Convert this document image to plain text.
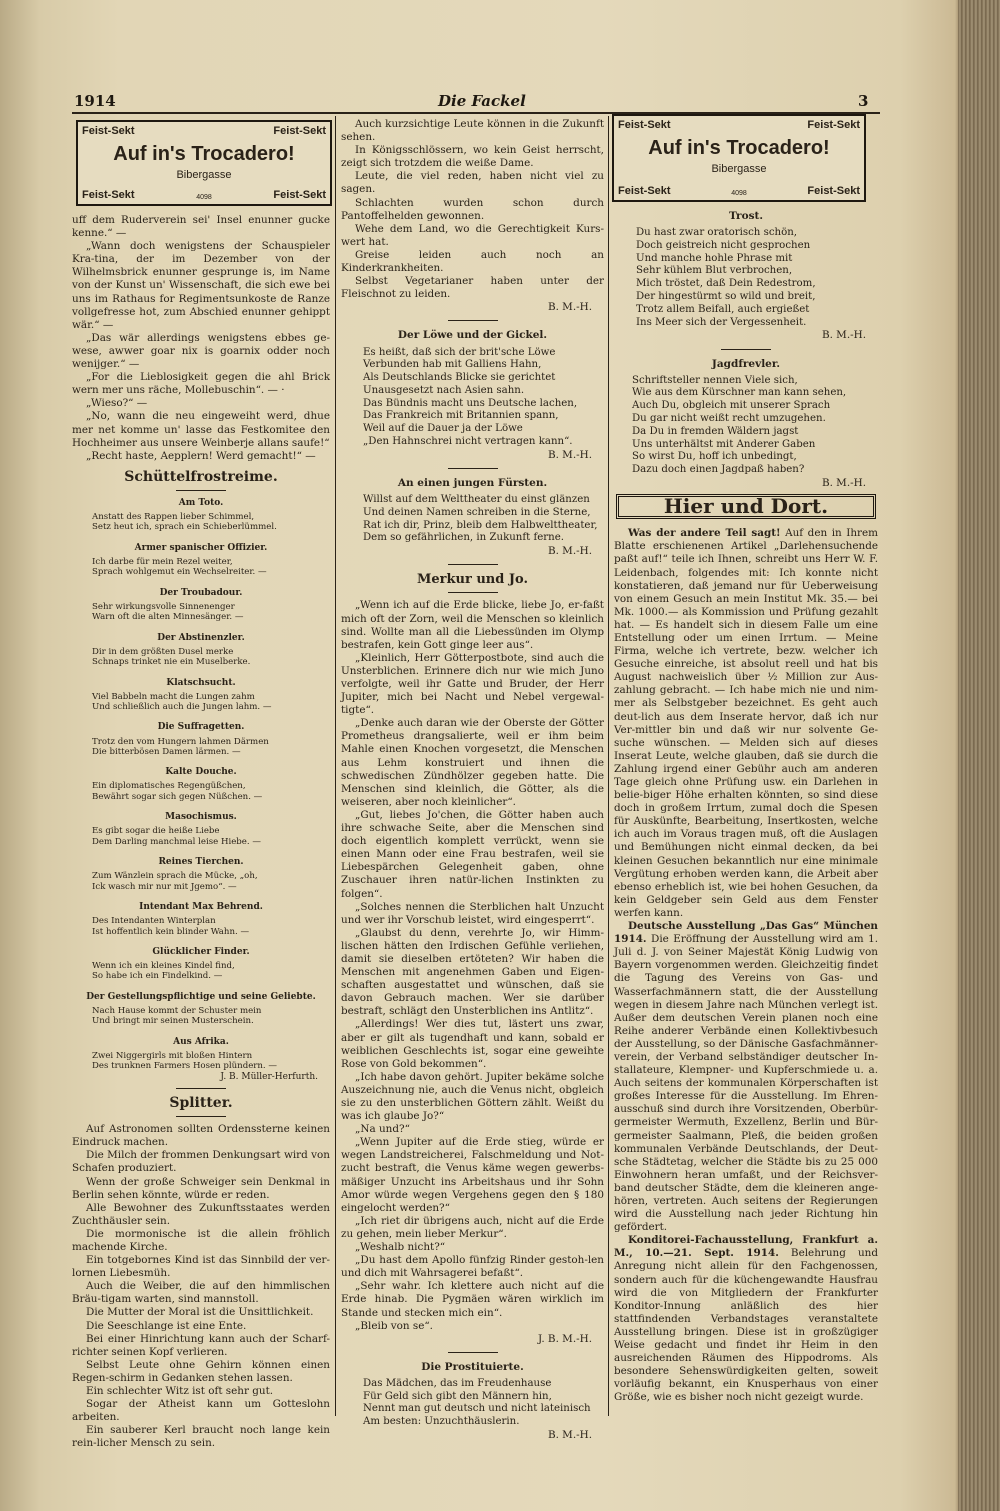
1914	Die Fackel	3
Feist-Sekt	Feist-Sekt
Auf in's Trocadero!
Bibergasse
4098
Feist-Sekt	Feist-Sekt
Feist-Sekt	Feist-Sekt
Auf in's Trocadero!
Bibergasse
4098
Feist-Sekt	Feist-Sekt

uff dem Ruderverein sei' Insel enunner gucke kenne.“ —

„Wann doch wenigstens der Schauspieler Kra-tina, der im Dezember von der Wilhelmsbrick enunner gesprunge is, im Name von der Kunst un' Wissenschaft, die sich ewe bei uns im Rathaus for Regimentsunkoste de Ranze vollgefresse hot, zum Abschied enunner gehippt wär.“ —

„Das wär allerdings wenigstens ebbes ge-wese, awwer goar nix is goarnix odder noch wenijger.“ —

„For die Lieblosigkeit gegen die ahl Brick wern mer uns räche, Mollebuschin“. — ·

„Wieso?“ —

„No, wann die neu eingeweiht werd, dhue mer net komme un' lasse das Festkomitee den Hochheimer aus unsere Weinberje allans saufe!“

„Recht haste, Aepplern! Werd gemacht!“ —

Schüttelfrostreime.
Am Toto.
Anstatt des Rappen lieber Schimmel,
Setz heut ich, sprach ein Schieberlümmel.
Armer spanischer Offizier.
Ich darbe für mein Rezel weiter,
Sprach wohlgemut ein Wechselreiter. —
Der Troubadour.
Sehr wirkungsvolle Sinnenenger
Warn oft die alten Minnesänger. —
Der Abstinenzler.
Dir in dem größten Dusel merke
Schnaps trinket nie ein Muselberke.
Klatschsucht.
Viel Babbeln macht die Lungen zahm
Und schließlich auch die Jungen lahm. —
Die Suffragetten.
Trotz den vom Hungern lahmen Därmen
Die bitterbösen Damen lärmen. —
Kalte Douche.
Ein diplomatisches Regengüßchen,
Bewährt sogar sich gegen Nüßchen. —
Masochismus.
Es gibt sogar die heiße Liebe
Dem Darling manchmal leise Hiebe. —
Reines Tierchen.
Zum Wänzlein sprach die Mücke, „oh,
Ick wasch mir nur mit Jgemo“. —
Intendant Max Behrend.
Des Intendanten Winterplan
Ist hoffentlich kein blinder Wahn. —
Glücklicher Finder.
Wenn ich ein kleines Kindel find,
So habe ich ein Findelkind. —
Der Gestellungspflichtige und seine Geliebte.
Nach Hause kommt der Schuster mein
Und bringt mir seinen Musterschein.
Aus Afrika.
Zwei Niggergirls mit bloßen Hintern
Des trunknen Farmers Hosen plündern. —
J. B. Müller-Herfurth.
Splitter.

Auf Astronomen sollten Ordenssterne keinen Eindruck machen.

Die Milch der frommen Denkungsart wird von Schafen produziert.

Wenn der große Schweiger sein Denkmal in Berlin sehen könnte, würde er reden.

Alle Bewohner des Zukunftsstaates werden Zuchthäusler sein.

Die mormonische ist die allein fröhlich machende Kirche.

Ein totgebornes Kind ist das Sinnbild der ver-lornen Liebesmüh.

Auch die Weiber, die auf den himmlischen Bräu-tigam warten, sind mannstoll.

Die Mutter der Moral ist die Unsittlichkeit.

Die Seeschlange ist eine Ente.

Bei einer Hinrichtung kann auch der Scharf-richter seinen Kopf verlieren.

Selbst Leute ohne Gehirn können einen Regen-schirm in Gedanken stehen lassen.

Ein schlechter Witz ist oft sehr gut.

Sogar der Atheist kann um Gotteslohn arbeiten.

Ein sauberer Kerl braucht noch lange kein rein-licher Mensch zu sein.

Auch kurzsichtige Leute können in die Zukunft sehen.

In Königsschlössern, wo kein Geist herrscht, zeigt sich trotzdem die weiße Dame.

Leute, die viel reden, haben nicht viel zu sagen.

Schlachten wurden schon durch Pantoffelhelden gewonnen.

Wehe dem Land, wo die Gerechtigkeit Kurs-wert hat.

Greise leiden auch noch an Kinderkrankheiten.

Selbst Vegetarianer haben unter der Fleischnot zu leiden.

B. M.-H.
Der Löwe und der Gickel.
Es heißt, daß sich der brit'sche Löwe
Verbunden hab mit Galliens Hahn,
Als Deutschlands Blicke sie gerichtet
Unausgesetzt nach Asien sahn.
Das Bündnis macht uns Deutsche lachen,
Das Frankreich mit Britannien spann,
Weil auf die Dauer ja der Löwe
„Den Hahnschrei nicht vertragen kann“.
B. M.-H.
An einen jungen Fürsten.
Willst auf dem Welttheater du einst glänzen
Und deinen Namen schreiben in die Sterne,
Rat ich dir, Prinz, bleib dem Halbwelttheater,
Dem so gefährlichen, in Zukunft ferne.
B. M.-H.
Merkur und Jo.

„Wenn ich auf die Erde blicke, liebe Jo, er-faßt mich oft der Zorn, weil die Menschen so kleinlich sind. Wollte man all die Liebessünden im Olymp bestrafen, kein Gott ginge leer aus“.

„Kleinlich, Herr Götterpostbote, sind auch die Unsterblichen. Erinnere dich nur wie mich Juno verfolgte, weil ihr Gatte und Bruder, der Herr Jupiter, mich bei Nacht und Nebel vergewal-tigte“.

„Denke auch daran wie der Oberste der Götter Prometheus drangsalierte, weil er ihm beim Mahle einen Knochen vorgesetzt, die Menschen aus Lehm konstruiert und ihnen die schwedischen Zündhölzer gegeben hatte. Die Menschen sind kleinlich, die Götter, als die weiseren, aber noch kleinlicher“.

„Gut, liebes Jo'chen, die Götter haben auch ihre schwache Seite, aber die Menschen sind doch eigentlich komplett verrückt, wenn sie einen Mann oder eine Frau bestrafen, weil sie Liebespärchen Gelegenheit gaben, ohne Zuschauer ihren natür-lichen Instinkten zu folgen“.

„Solches nennen die Sterblichen halt Unzucht und wer ihr Vorschub leistet, wird eingesperrt“.

„Glaubst du denn, verehrte Jo, wir Himm-lischen hätten den Irdischen Gefühle verliehen, damit sie dieselben ertöteten? Wir haben die Menschen mit angenehmen Gaben und Eigen-schaften ausgestattet und wünschen, daß sie davon Gebrauch machen. Wer sie darüber bestraft, schlägt den Unsterblichen ins Antlitz“.

„Allerdings! Wer dies tut, lästert uns zwar, aber er gilt als tugendhaft und kann, sobald er weiblichen Geschlechts ist, sogar eine geweihte Rose von Gold bekommen“.

„Ich habe davon gehört. Jupiter bekäme solche Auszeichnung nie, auch die Venus nicht, obgleich sie zu den unsterblichen Göttern zählt. Weißt du was ich glaube Jo?“

„Na und?“

„Wenn Jupiter auf die Erde stieg, würde er wegen Landstreicherei, Falschmeldung und Not-zucht bestraft, die Venus käme wegen gewerbs-mäßiger Unzucht ins Arbeitshaus und ihr Sohn Amor würde wegen Vergehens gegen den § 180 eingelocht werden?“

„Ich riet dir übrigens auch, nicht auf die Erde zu gehen, mein lieber Merkur“.

„Weshalb nicht?“

„Du hast dem Apollo fünfzig Rinder gestoh-len und dich mit Wahrsagerei befaßt“.

„Sehr wahr. Ich klettere auch nicht auf die Erde hinab. Die Pygmäen wären wirklich im Stande und stecken mich ein“.

„Bleib von se“.

J. B. M.-H.
Die Prostituierte.
Das Mädchen, das im Freudenhause
Für Geld sich gibt den Männern hin,
Nennt man gut deutsch und nicht lateinisch
Am besten: Unzuchthäuslerin.
B. M.-H.
Trost.
Du hast zwar oratorisch schön,
Doch geistreich nicht gesprochen
Und manche hohle Phrase mit
Sehr kühlem Blut verbrochen,
Mich tröstet, daß Dein Redestrom,
Der hingestürmt so wild und breit,
Trotz allem Beifall, auch ergießet
Ins Meer sich der Vergessenheit.
B. M.-H.
Jagdfrevler.
Schriftsteller nennen Viele sich,
Wie aus dem Kürschner man kann sehen,
Auch Du, obgleich mit unserer Sprach
Du gar nicht weißt recht umzugehen.
Da Du in fremden Wäldern jagst
Uns unterhältst mit Anderer Gaben
So wirst Du, hoff ich unbedingt,
Dazu doch einen Jagdpaß haben?
B. M.-H.
Hier und Dort.

Was der andere Teil sagt! Auf den in Ihrem Blatte erschienenen Artikel „Darlehensuchende paßt auf!“ teile ich Ihnen, schreibt uns Herr W. F. Leidenbach, folgendes mit: Ich konnte nicht konstatieren, daß jemand nur für Ueberweisung von einem Gesuch an mein Institut Mk. 35.— bei Mk. 1000.— als Kommission und Prüfung gezahlt hat. — Es handelt sich in diesem Falle um eine Entstellung oder um einen Irrtum. — Meine Firma, welche ich vertrete, bezw. welcher ich Gesuche einreiche, ist absolut reell und hat bis August nachweislich über ½ Million zur Aus-zahlung gebracht. — Ich habe mich nie und nim-mer als Selbstgeber bezeichnet. Es geht auch deut-lich aus dem Inserate hervor, daß ich nur Ver-mittler bin und daß wir nur solvente Ge-suche wünschen. — Melden sich auf dieses Inserat Leute, welche glauben, daß sie durch die Zahlung irgend einer Gebühr auch am anderen Tage gleich ohne Prüfung usw. ein Darlehen in belie-biger Höhe erhalten könnten, so sind diese doch in großem Irrtum, zumal doch die Spesen für Auskünfte, Bearbeitung, Insertkosten, welche ich auch im Voraus tragen muß, oft die Auslagen und Bemühungen nicht einmal decken, da bei kleinen Gesuchen bekanntlich nur eine minimale Vergütung erhoben werden kann, die Arbeit aber ebenso erheblich ist, wie bei hohen Gesuchen, da kein Geldgeber sein Geld aus dem Fenster werfen kann.

Deutsche Ausstellung „Das Gas“ München 1914. Die Eröffnung der Ausstellung wird am 1. Juli d. J. von Seiner Majestät König Ludwig von Bayern vorgenommen werden. Gleichzeitig findet die Tagung des Vereins von Gas- und Wasserfachmännern statt, die der Ausstellung wegen in diesem Jahre nach München verlegt ist. Außer dem deutschen Verein planen noch eine Reihe anderer Verbände einen Kollektivbesuch der Ausstellung, so der Dänische Gasfachmänner-verein, der Verband selbständiger deutscher In-stallateure, Klempner- und Kupferschmiede u. a. Auch seitens der kommunalen Körperschaften ist großes Interesse für die Ausstellung. Im Ehren-ausschuß sind durch ihre Vorsitzenden, Oberbür-germeister Wermuth, Exzellenz, Berlin und Bür-germeister Saalmann, Pleß, die beiden großen kommunalen Verbände Deutschlands, der Deut-sche Städtetag, welcher die Städte bis zu 25 000 Einwohnern heran umfaßt, und der Reichsver-band deutscher Städte, dem die kleineren ange-hören, vertreten. Auch seitens der Regierungen wird die Ausstellung nach jeder Richtung hin gefördert.

Konditorei-Fachausstellung, Frankfurt a. M., 10.—21. Sept. 1914. Belehrung und Anregung nicht allein für den Fachgenossen, sondern auch für die küchengewandte Hausfrau wird die von Mitgliedern der Frankfurter Konditor-Innung anläßlich des hier stattfindenden Verbandstages veranstaltete Ausstellung bringen. Diese ist in großzügiger Weise gedacht und findet ihr Heim in den ausreichenden Räumen des Hippodroms. Als besondere Sehenswürdigkeiten gelten, soweit vorläufig bekannt, ein Knusperhaus von einer Größe, wie es bisher noch nicht gezeigt wurde.
